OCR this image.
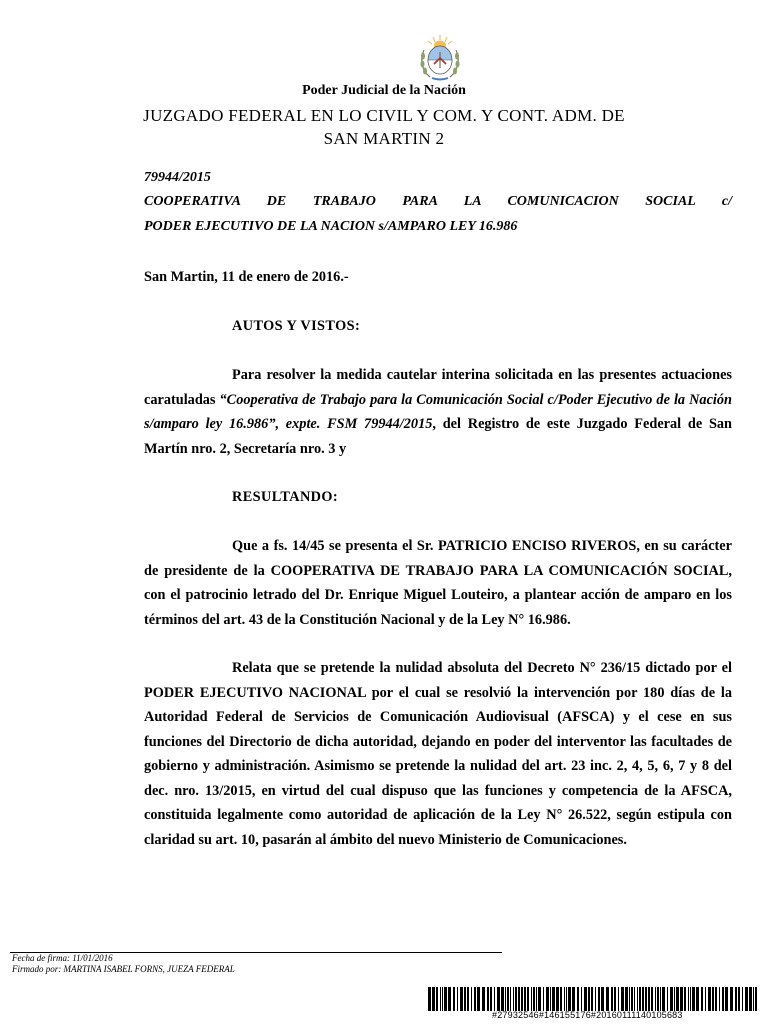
Poder Judicial de la Nación
JUZGADO FEDERAL EN LO CIVIL Y COM. Y CONT. ADM. DE
SAN MARTIN 2
79944/2015
COOPERATIVA DE TRABAJO PARA LA COMUNICACION SOCIAL c/
PODER EJECUTIVO DE LA NACION s/AMPARO LEY 16.986
San Martin, 11 de enero de 2016.-
AUTOS Y VISTOS:

Para resolver la medida cautelar interina solicitada en las presentes actuaciones caratuladas “Cooperativa de Trabajo para la Comunicación Social c/Poder Ejecutivo de la Nación s/amparo ley 16.986”, expte. FSM 79944/2015, del Registro de este Juzgado Federal de San Martín nro. 2, Secretaría nro. 3 y

RESULTANDO:

Que a fs. 14/45 se presenta el Sr. PATRICIO ENCISO RIVEROS, en su carácter de presidente de la COOPERATIVA DE TRABAJO PARA LA COMUNICACIÓN SOCIAL, con el patrocinio letrado del Dr. Enrique Miguel Louteiro, a plantear acción de amparo en los términos del art. 43 de la Constitución Nacional y de la Ley N° 16.986.

Relata que se pretende la nulidad absoluta del Decreto N° 236/15 dictado por el PODER EJECUTIVO NACIONAL por el cual se resolvió la intervención por 180 días de la Autoridad Federal de Servicios de Comunicación Audiovisual (AFSCA) y el cese en sus funciones del Directorio de dicha autoridad, dejando en poder del interventor las facultades de gobierno y administración. Asimismo se pretende la nulidad del art. 23 inc. 2, 4, 5, 6, 7 y 8 del dec. nro. 13/2015, en virtud del cual dispuso que las funciones y competencia de la AFSCA, constituida legalmente como autoridad de aplicación de la Ley N° 26.522, según estipula con claridad su art. 10, pasarán al ámbito del nuevo Ministerio de Comunicaciones.

Fecha de firma: 11/01/2016
Firmado por: MARTINA ISABEL FORNS, JUEZA FEDERAL
#27932546#146155176#20160111140105683
